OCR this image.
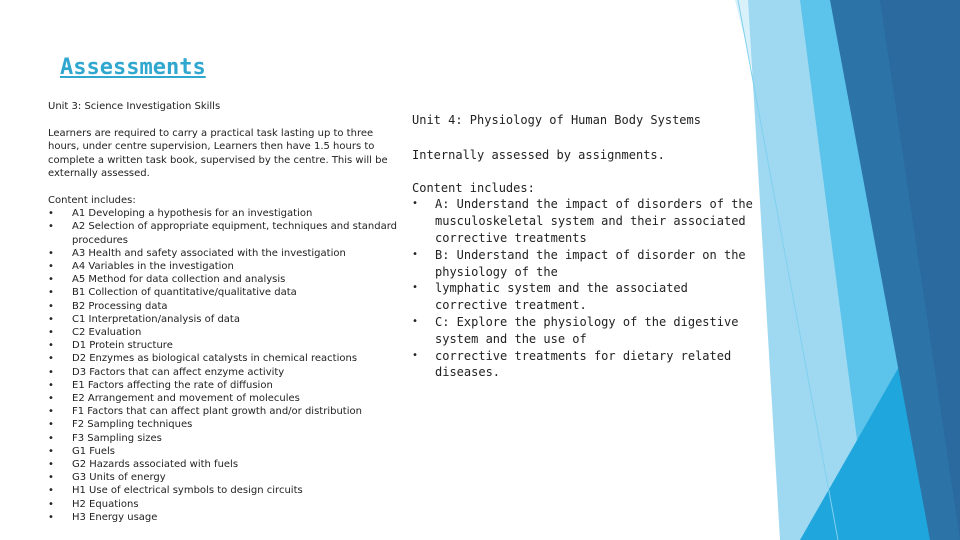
Assessments

Unit 3: Science Investigation Skills

Learners are required to carry a practical task lasting up to three hours, under centre supervision, Learners then have 1.5 hours to complete a written task book, supervised by the centre. This will be externally assessed.

Content includes:

• A1 Developing a hypothesis for an investigation
• A2 Selection of appropriate equipment, techniques and standard procedures
• A3 Health and safety associated with the investigation
• A4 Variables in the investigation
• A5 Method for data collection and analysis
• B1 Collection of quantitative/qualitative data
• B2 Processing data
• C1 Interpretation/analysis of data
• C2 Evaluation
• D1 Protein structure
• D2 Enzymes as biological catalysts in chemical reactions
• D3 Factors that can affect enzyme activity
• E1 Factors affecting the rate of diffusion
• E2 Arrangement and movement of molecules
• F1 Factors that can affect plant growth and/or distribution
• F2 Sampling techniques
• F3 Sampling sizes
• G1 Fuels
• G2 Hazards associated with fuels
• G3 Units of energy
• H1 Use of electrical symbols to design circuits
• H2 Equations
• H3 Energy usage

Unit 4: Physiology of Human Body Systems

Internally assessed by assignments.

Content includes:

• A: Understand the impact of disorders of the musculoskeletal system and their associated corrective treatments
• B: Understand the impact of disorder on the physiology of the
• lymphatic system and the associated corrective treatment.
• C: Explore the physiology of the digestive system and the use of
• corrective treatments for dietary related diseases.
